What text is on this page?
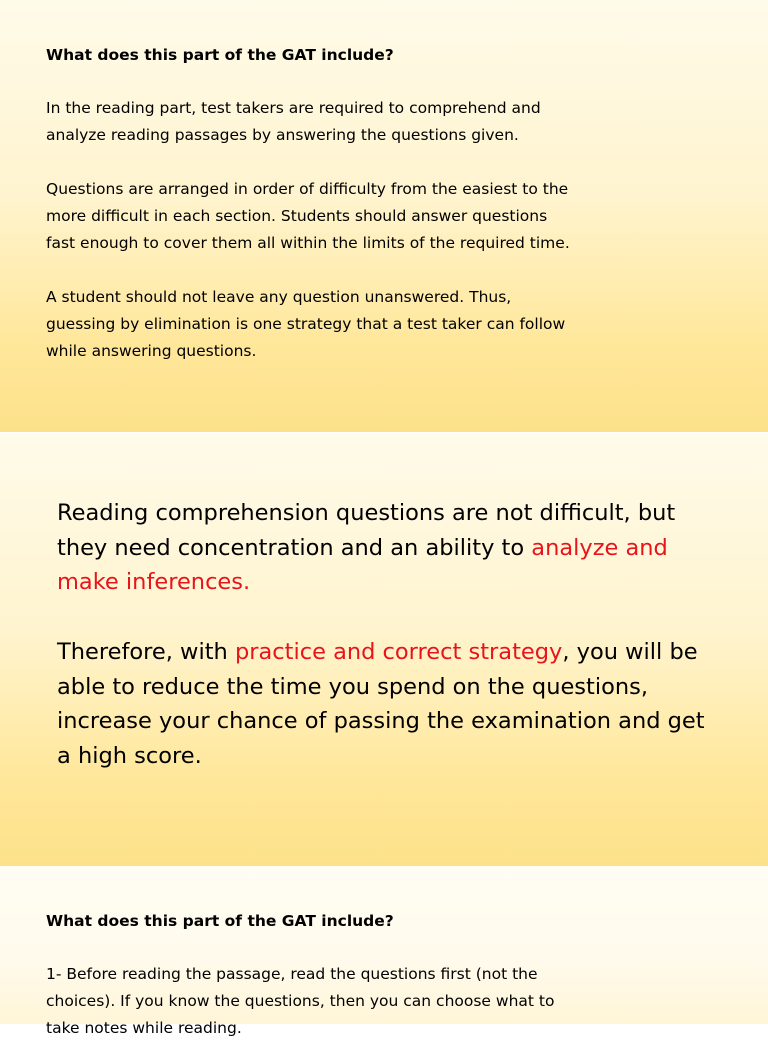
What does this part of the GAT include?
In the reading part, test takers are required to comprehend and
analyze reading passages by answering the questions given.
Questions are arranged in order of difficulty from the easiest to the
more difficult in each section. Students should answer questions
fast enough to cover them all within the limits of the required time.
A student should not leave any question unanswered. Thus,
guessing by elimination is one strategy that a test taker can follow
while answering questions.
Reading comprehension questions are not difficult, but they need concentration and an ability to analyze and make inferences.
Therefore, with practice and correct strategy, you will be able to reduce the time you spend on the questions, increase your chance of passing the examination and get a high score.
What does this part of the GAT include?
1- Before reading the passage, read the questions first (not the
choices). If you know the questions, then you can choose what to
take notes while reading.
